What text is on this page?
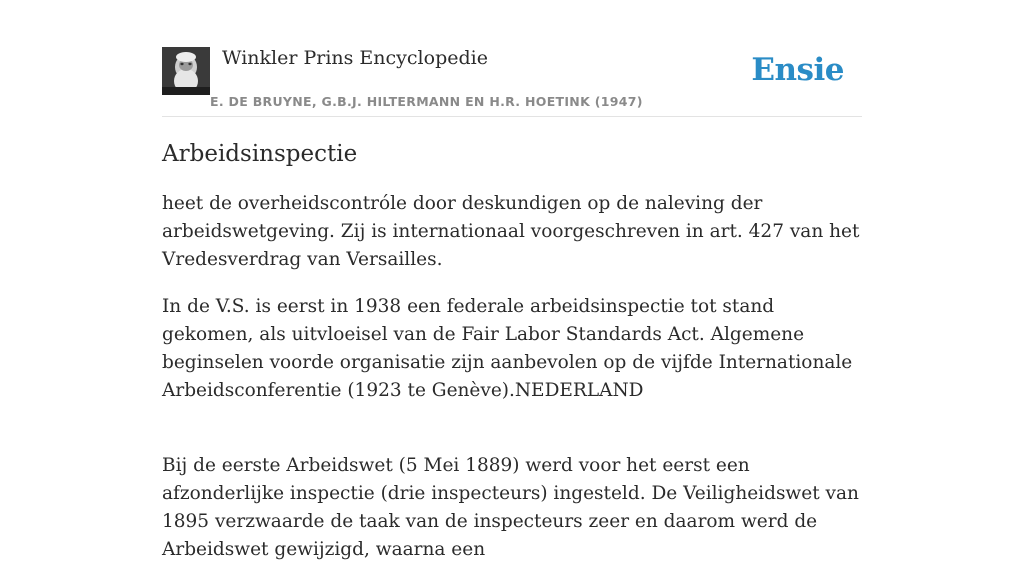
Winkler Prins Encyclopedie
E. DE BRUYNE, G.B.J. HILTERMANN EN H.R. HOETINK (1947)
Ensie
Arbeidsinspectie

heet de overheidscontróle door deskundigen op de naleving der arbeidswetgeving. Zij is internationaal voorgeschreven in art. 427 van het Vredesverdrag van Versailles.

In de V.S. is eerst in 1938 een federale arbeidsinspectie tot stand gekomen, als uitvloeisel van de Fair Labor Standards Act. Algemene beginselen voorde organisatie zijn aanbevolen op de vijfde Internationale Arbeidsconferentie (1923 te Genève).NEDERLAND

Bij de eerste Arbeidswet (5 Mei 1889) werd voor het eerst een afzonderlijke inspectie (drie inspecteurs) ingesteld. De Veiligheidswet van 1895 verzwaarde de taak van de inspecteurs zeer en daarom werd de Arbeidswet gewijzigd, waarna een
